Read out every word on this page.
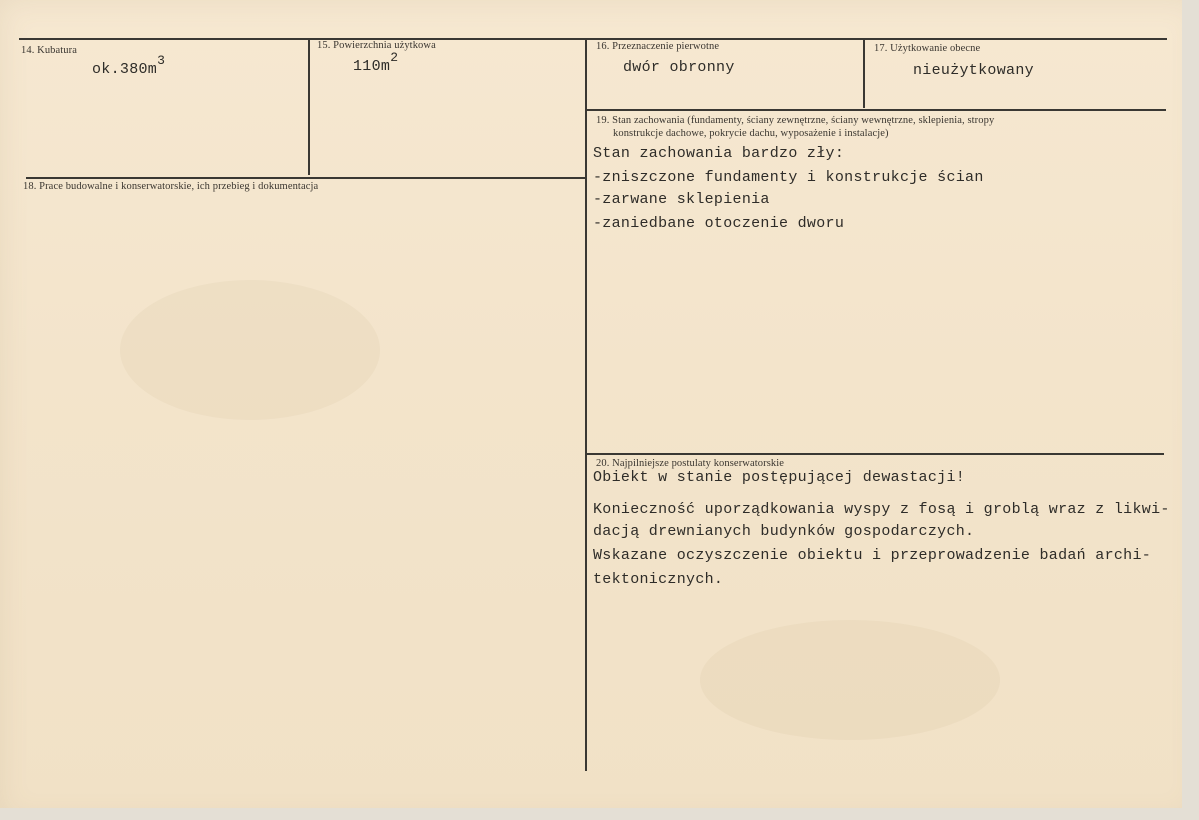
14. Kubatura
$ok.380m^3$
15. Powierzchnia użytkowa
$110m^2$
16. Przeznaczenie pierwotne
dwór obronny
17. Użytkowanie obecne
nieużytkowany
18. Prace budowalne i konserwatorskie, ich przebieg i dokumentacja
19. Stan zachowania (fundamenty, ściany zewnętrzne, ściany wewnętrzne, sklepienia, stropy
konstrukcje dachowe, pokrycie dachu, wyposażenie i instalacje)
Stan zachowania bardzo zły:
-zniszczone fundamenty i konstrukcje ścian
-zarwane sklepienia
-zaniedbane otoczenie dworu
20. Najpilniejsze postulaty konserwatorskie
Obiekt w stanie postępującej dewastacji!
Konieczność uporządkowania wyspy z fosą i groblą wraz z likwi-
dacją drewnianych budynków gospodarczych.
Wskazane oczyszczenie obiektu i przeprowadzenie badań archi-
tektonicznych.
